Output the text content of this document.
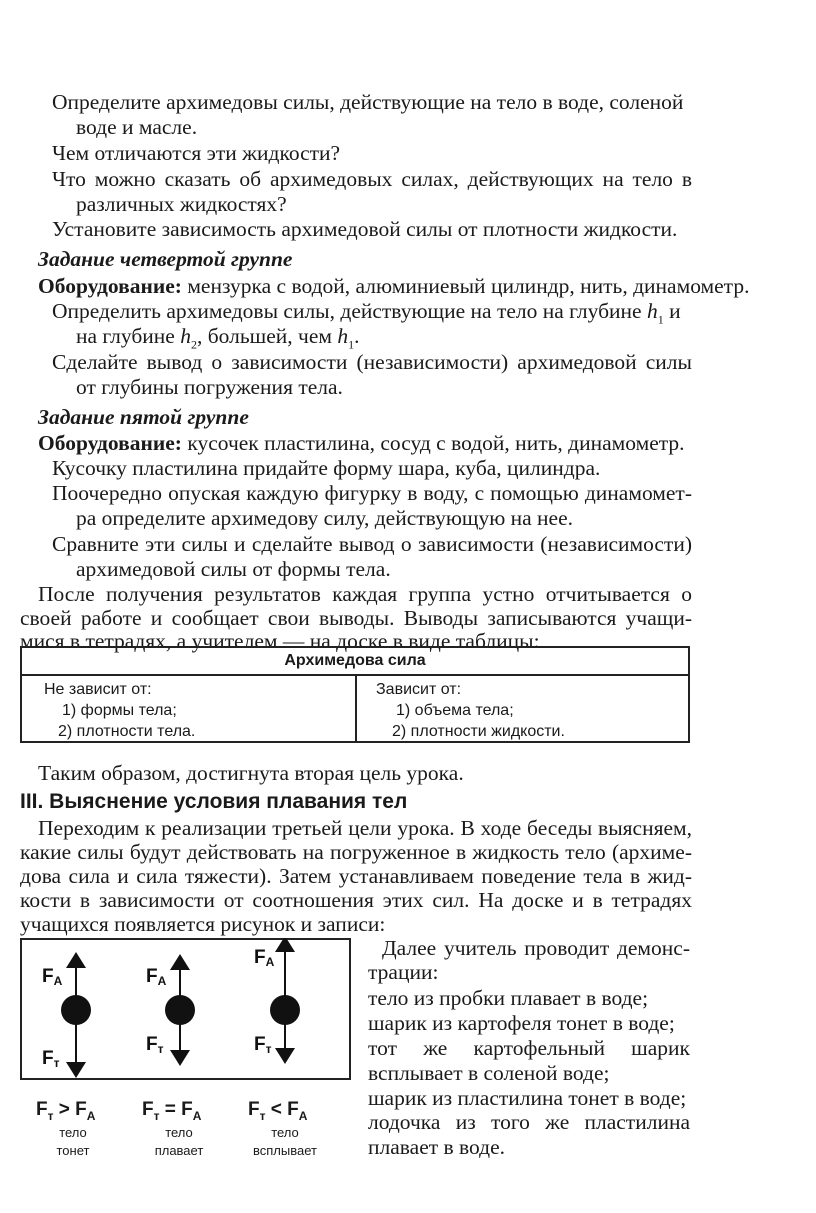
Определите архимедовы силы, действующие на тело в воде, соленой
воде и масле.
Чем отличаются эти жидкости?
Что можно сказать об архимедовых силах, действующих на тело в
различных жидкостях?
Установите зависимость архимедовой силы от плотности жидкости.
Задание четвертой группе
Оборудование: мензурка с водой, алюминиевый цилиндр, нить, динамометр.
Определить архимедовы силы, действующие на тело на глубине $h_1$ и
на глубине $h_2$, большей, чем $h_1$.
Сделайте вывод о зависимости (независимости) архимедовой силы
от глубины погружения тела.
Задание пятой группе
Оборудование: кусочек пластилина, сосуд с водой, нить, динамометр.
Кусочку пластилина придайте форму шара, куба, цилиндра.
Поочередно опуская каждую фигурку в воду, с помощью динамомет-
ра определите архимедову силу, действующую на нее.
Сравните эти силы и сделайте вывод о зависимости (независимости)
архимедовой силы от формы тела.
После получения результатов каждая группа устно отчитывается о
своей работе и сообщает свои выводы. Выводы записываются учащи-
мися в тетрадях, а учителем — на доске в виде таблицы:
Архимедова сила
Не зависит от:
1) формы тела;
2) плотности тела.
Зависит от:
1) объема тела;
2) плотности жидкости.
Таким образом, достигнута вторая цель урока.
III. Выяснение условия плавания тел
Переходим к реализации третьей цели урока. В ходе беседы выясняем,
какие силы будут действовать на погруженное в жидкость тело (архиме-
дова сила и сила тяжести). Затем устанавливаем поведение тела в жид-
кости в зависимости от соотношения этих сил. На доске и в тетрадях
учащихся появляется рисунок и записи:
FA
Fт
FA
Fт
FA
Fт
$F_т > F_A$ $F_т = F_A$ $F_т < F_A$
тело
тонет
тело
плавает
тело
всплывает
Далее учитель проводит демонс-
трации:
тело из пробки плавает в воде;
шарик из картофеля тонет в воде;
тот же картофельный шарик
всплывает в соленой воде;
шарик из пластилина тонет в воде;
лодочка из того же пластилина
плавает в воде.
